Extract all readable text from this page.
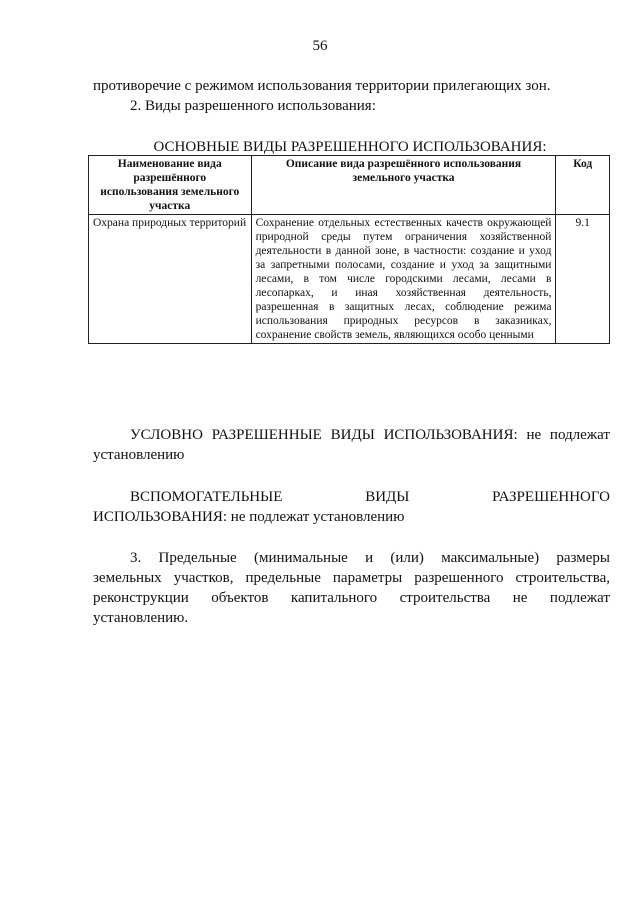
56
противоречие с режимом использования территории прилегающих зон.
2. Виды разрешенного использования:
ОСНОВНЫЕ ВИДЫ РАЗРЕШЕННОГО ИСПОЛЬЗОВАНИЯ:
Наименование вида разрешённого использования земельного участка	Описание вида разрешённого использования земельного участка	Код
Охрана природных территорий	Сохранение отдельных естественных качеств окружающей природной среды путем ограничения хозяйственной деятельности в данной зоне, в частности: создание и уход за запретными полосами, создание и уход за защитными лесами, в том числе городскими лесами, лесами в лесопарках, и иная хозяйственная деятельность, разрешенная в защитных лесах, соблюдение режима использования природных ресурсов в заказниках, сохранение свойств земель, являющихся особо ценными	9.1
УСЛОВНО РАЗРЕШЕННЫЕ ВИДЫ ИСПОЛЬЗОВАНИЯ: не подлежат
установлению
ВСПОМОГАТЕЛЬНЫЕ ВИДЫ РАЗРЕШЕННОГО
ИСПОЛЬЗОВАНИЯ: не подлежат установлению
3. Предельные (минимальные и (или) максимальные) размеры
земельных участков, предельные параметры разрешенного строительства,
реконструкции объектов капитального строительства не подлежат
установлению.
